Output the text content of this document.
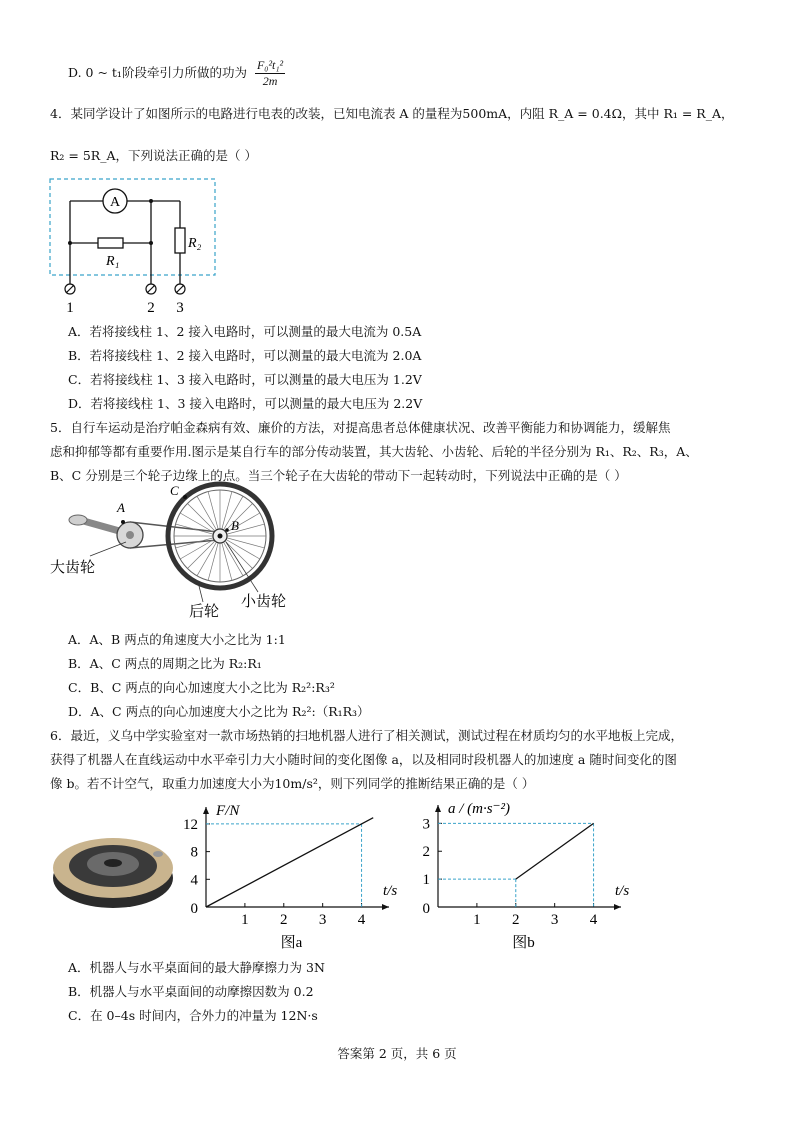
D. 0 ~ t₁阶段牵引力所做的功为 $\frac{\text{F₀²t₁²}}{2m}$
4．某同学设计了如图所示的电路进行电表的改装，已知电流表 A 的量程为500mA，内阻 R_A = 0.4Ω，其中 R₁ = R_A，
R₂ = 5R_A，下列说法正确的是（ ）
A
R₁
R₂
1	2 3
A．若将接线柱 1、2 接入电路时，可以测量的最大电流为 0.5A
B．若将接线柱 1、2 接入电路时，可以测量的最大电流为 2.0A
C．若将接线柱 1、3 接入电路时，可以测量的最大电压为 1.2V
D．若将接线柱 1、3 接入电路时，可以测量的最大电压为 2.2V
5．自行车运动是治疗帕金森病有效、廉价的方法，对提高患者总体健康状况、改善平衡能力和协调能力，缓解焦
虑和抑郁等都有重要作用.图示是某自行车的部分传动装置，其大齿轮、小齿轮、后轮的半径分别为 R₁、R₂、R₃，A、
B、C 分别是三个轮子边缘上的点。当三个轮子在大齿轮的带动下一起转动时，下列说法中正确的是（ ）
A
B
C
大齿轮
后轮
小齿轮
A．A、B 两点的角速度大小之比为 1:1
B．A、C 两点的周期之比为 R₂:R₁
C．B、C 两点的向心加速度大小之比为 R₂²:R₃²
D．A、C 两点的向心加速度大小之比为 R₂²:（R₁R₃）
6．最近，义乌中学实验室对一款市场热销的扫地机器人进行了相关测试，测试过程在材质均匀的水平地板上完成，
获得了机器人在直线运动中水平牵引力大小随时间的变化图像 a，以及相同时段机器人的加速度 a 随时间变化的图
像 b。若不计空气，取重力加速度大小为10m/s²，则下列同学的推断结果正确的是（ ）
1 2 3 4
4
8
12
0
t/s
F/N
图a
1 2 3 4
1
2
3
0
t/s
a / (m·s⁻²)
图b
A．机器人与水平桌面间的最大静摩擦力为 3N
B．机器人与水平桌面间的动摩擦因数为 0.2
C．在 0–4s 时间内，合外力的冲量为 12N·s
答案第 2 页，共 6 页
